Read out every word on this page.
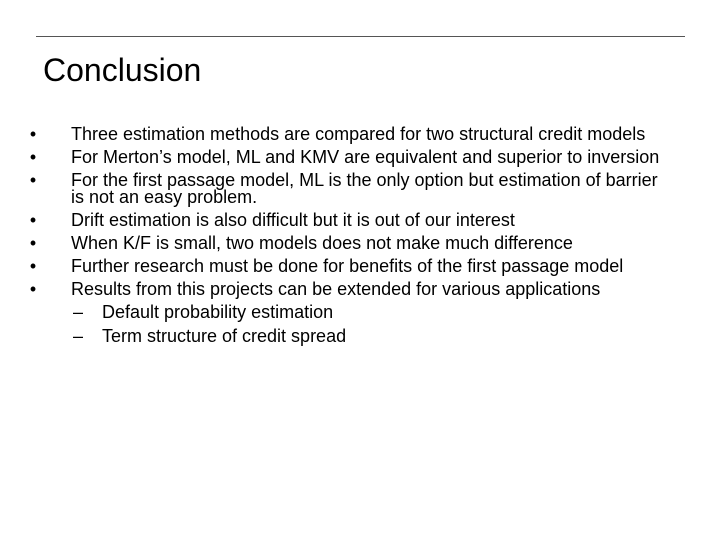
Conclusion
• Three estimation methods are compared for two structural credit models
• For Merton’s model, ML and KMV are equivalent and superior to inversion
• For the first passage model, ML is the only option but estimation of barrier is not an easy problem.
• Drift estimation is also difficult but it is out of our interest
• When K/F is small, two models does not make much difference
• Further research must be done for benefits of the first passage model
• Results from this projects can be extended for various applications
– Default probability estimation
– Term structure of credit spread
